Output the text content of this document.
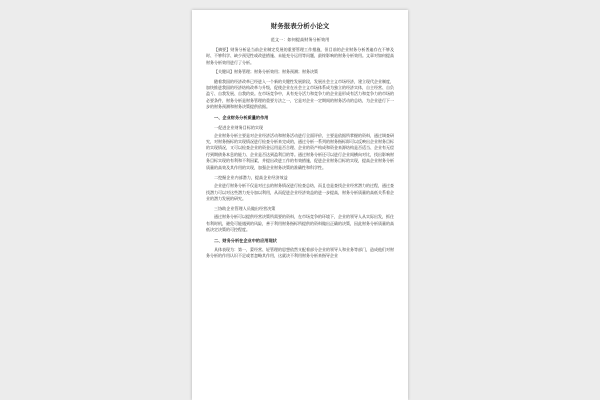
财务报表分析小论文
范文一：如何提高财务分析效用

【摘要】财务分析是当前企业制定发展的重要管理工作措施，但目前的企业财务分析普遍存在不够及时、不够科学、缺少预见性或改进措施、未能充分运用等问题，最终影响的财务分析效用。文章对如何提高财务分析效用进行了分析。

【关键词】财务管理；财务分析效用；财务预测；财务决策

随着我国的经济改革已经进入一个新的关键性发展阶段，发展社会主义市场经济，建立现代企业制度，加快推进我国的经济结构改革与升级，促使企业在社会主义市场体系成为独立的经济实体，自主经营、自负盈亏、自我发展、自我约束。在市场竞争中，具有充分活力和竞争力的企业是形成有活力和竞争力的市场的必要条件，财务分析是财务管理的重要方法之一，它是对企业一定期间的财务活动的总结，为企业进行下一步的财务预测和财务决策提供依据。

一、企业财务分析质量的作用
一促进企业财务目标的实现

企业财务分析主要是对企业经济活动和财务活动进行全面评价，主要是依据所掌握的资料，通过调查研究，对财务指标的实现情况进行检查分析来完成的，通过分析一系列的财务指标即可以反映出企业财务目标的实现情况，又可以检查企业的资金运用是否合理、企业的资产构成和资金来源结构是否适当、企业有无偿付到期债务本息的能力、企业是否达到盈利目的等。通过财务分析还可以进行企业间横向对比，找出影响财务目标实现的有利和不利因素，并提出改进工作的有效措施，促进企业财务目标的实现，提高企业财务分析质量的高效及其作用的实现，加强企业财务决策的准确性和科学性。

二挖掘企业内部潜力，提高企业经济效益

企业进行财务分析不仅是对过去的财务情况进行检查总结，而且也是查找企业经营潜力的过程，通过查找潜力可以对这些潜力充分加以利用，从而促进企业经济效益的进一步提高，财务分析质量的高低关系着企业的潜力发展的研究。

三协助企业管理人员做出经营决策

通过财务分析可以提供经营决策所需要的资料，在市场竞争的环境下，企业的领导人从实际出发，抓住有利时机，避免可能遇到的风险，善于利用财务指标所提供的资料做出正确的决策，因此财务分析质量的高低决定决策的可控程度。

二、财务分析在企业中的应用现状

具体表现为：第一，蒙经营、轻管理的思想依然支配着部分企业的领导人和业务等部门，造成他们对财务分析的作用认识不足或者忽略其作用，这就决不利用财务分析来指导企业
